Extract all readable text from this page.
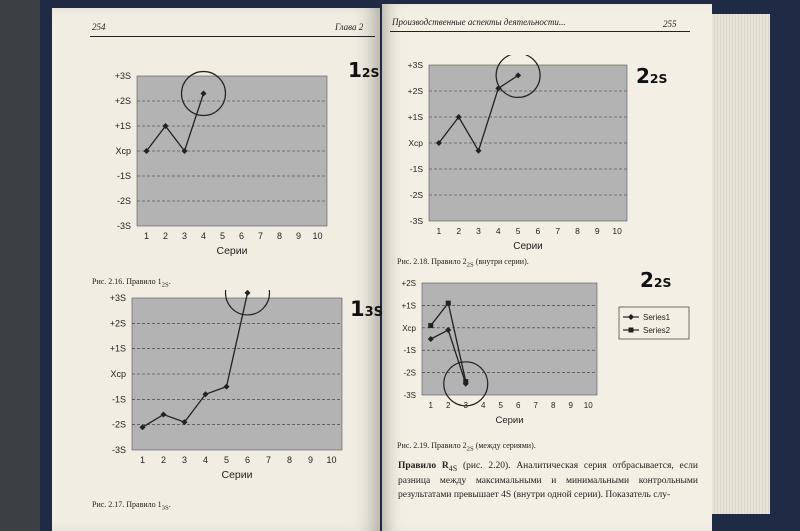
254	Глава 2	Производственные аспекты деятельности...	255
+3S
+2S
+1S
Xcp
-1S
-2S
-3S
1 2 3 4 5 6 7 8 9 10
Серии
12S
Рис. 2.16. Правило $1_{2S}$.
+3S
+2S
+1S
Xcp
-1S
-2S
-3S
1 2 3 4 5 6 7 8 9 10
Серии
13S
Рис. 2.17. Правило $1_{3S}$.
+3S
+2S
+1S
Xcp
-1S
-2S
-3S
1 2 3 4 5 6 7 8 9 10
Серии
22S
Рис. 2.18. Правило $2_{2S}$ (внутри серии).
+2S
+1S
Xcp
-1S
-2S
-3S
1 2 3 4 5 6 7 8 9 10
Серии
Series1
Series2
22S
Рис. 2.19. Правило $2_{2S}$ (между сериями).
Правило $R_{4S}$ (рис. 2.20). Аналитическая серия отбрасывается, если разница между максимальными и минимальными контрольными результатами превышает 4S (внутри одной серии). Показатель слу-
